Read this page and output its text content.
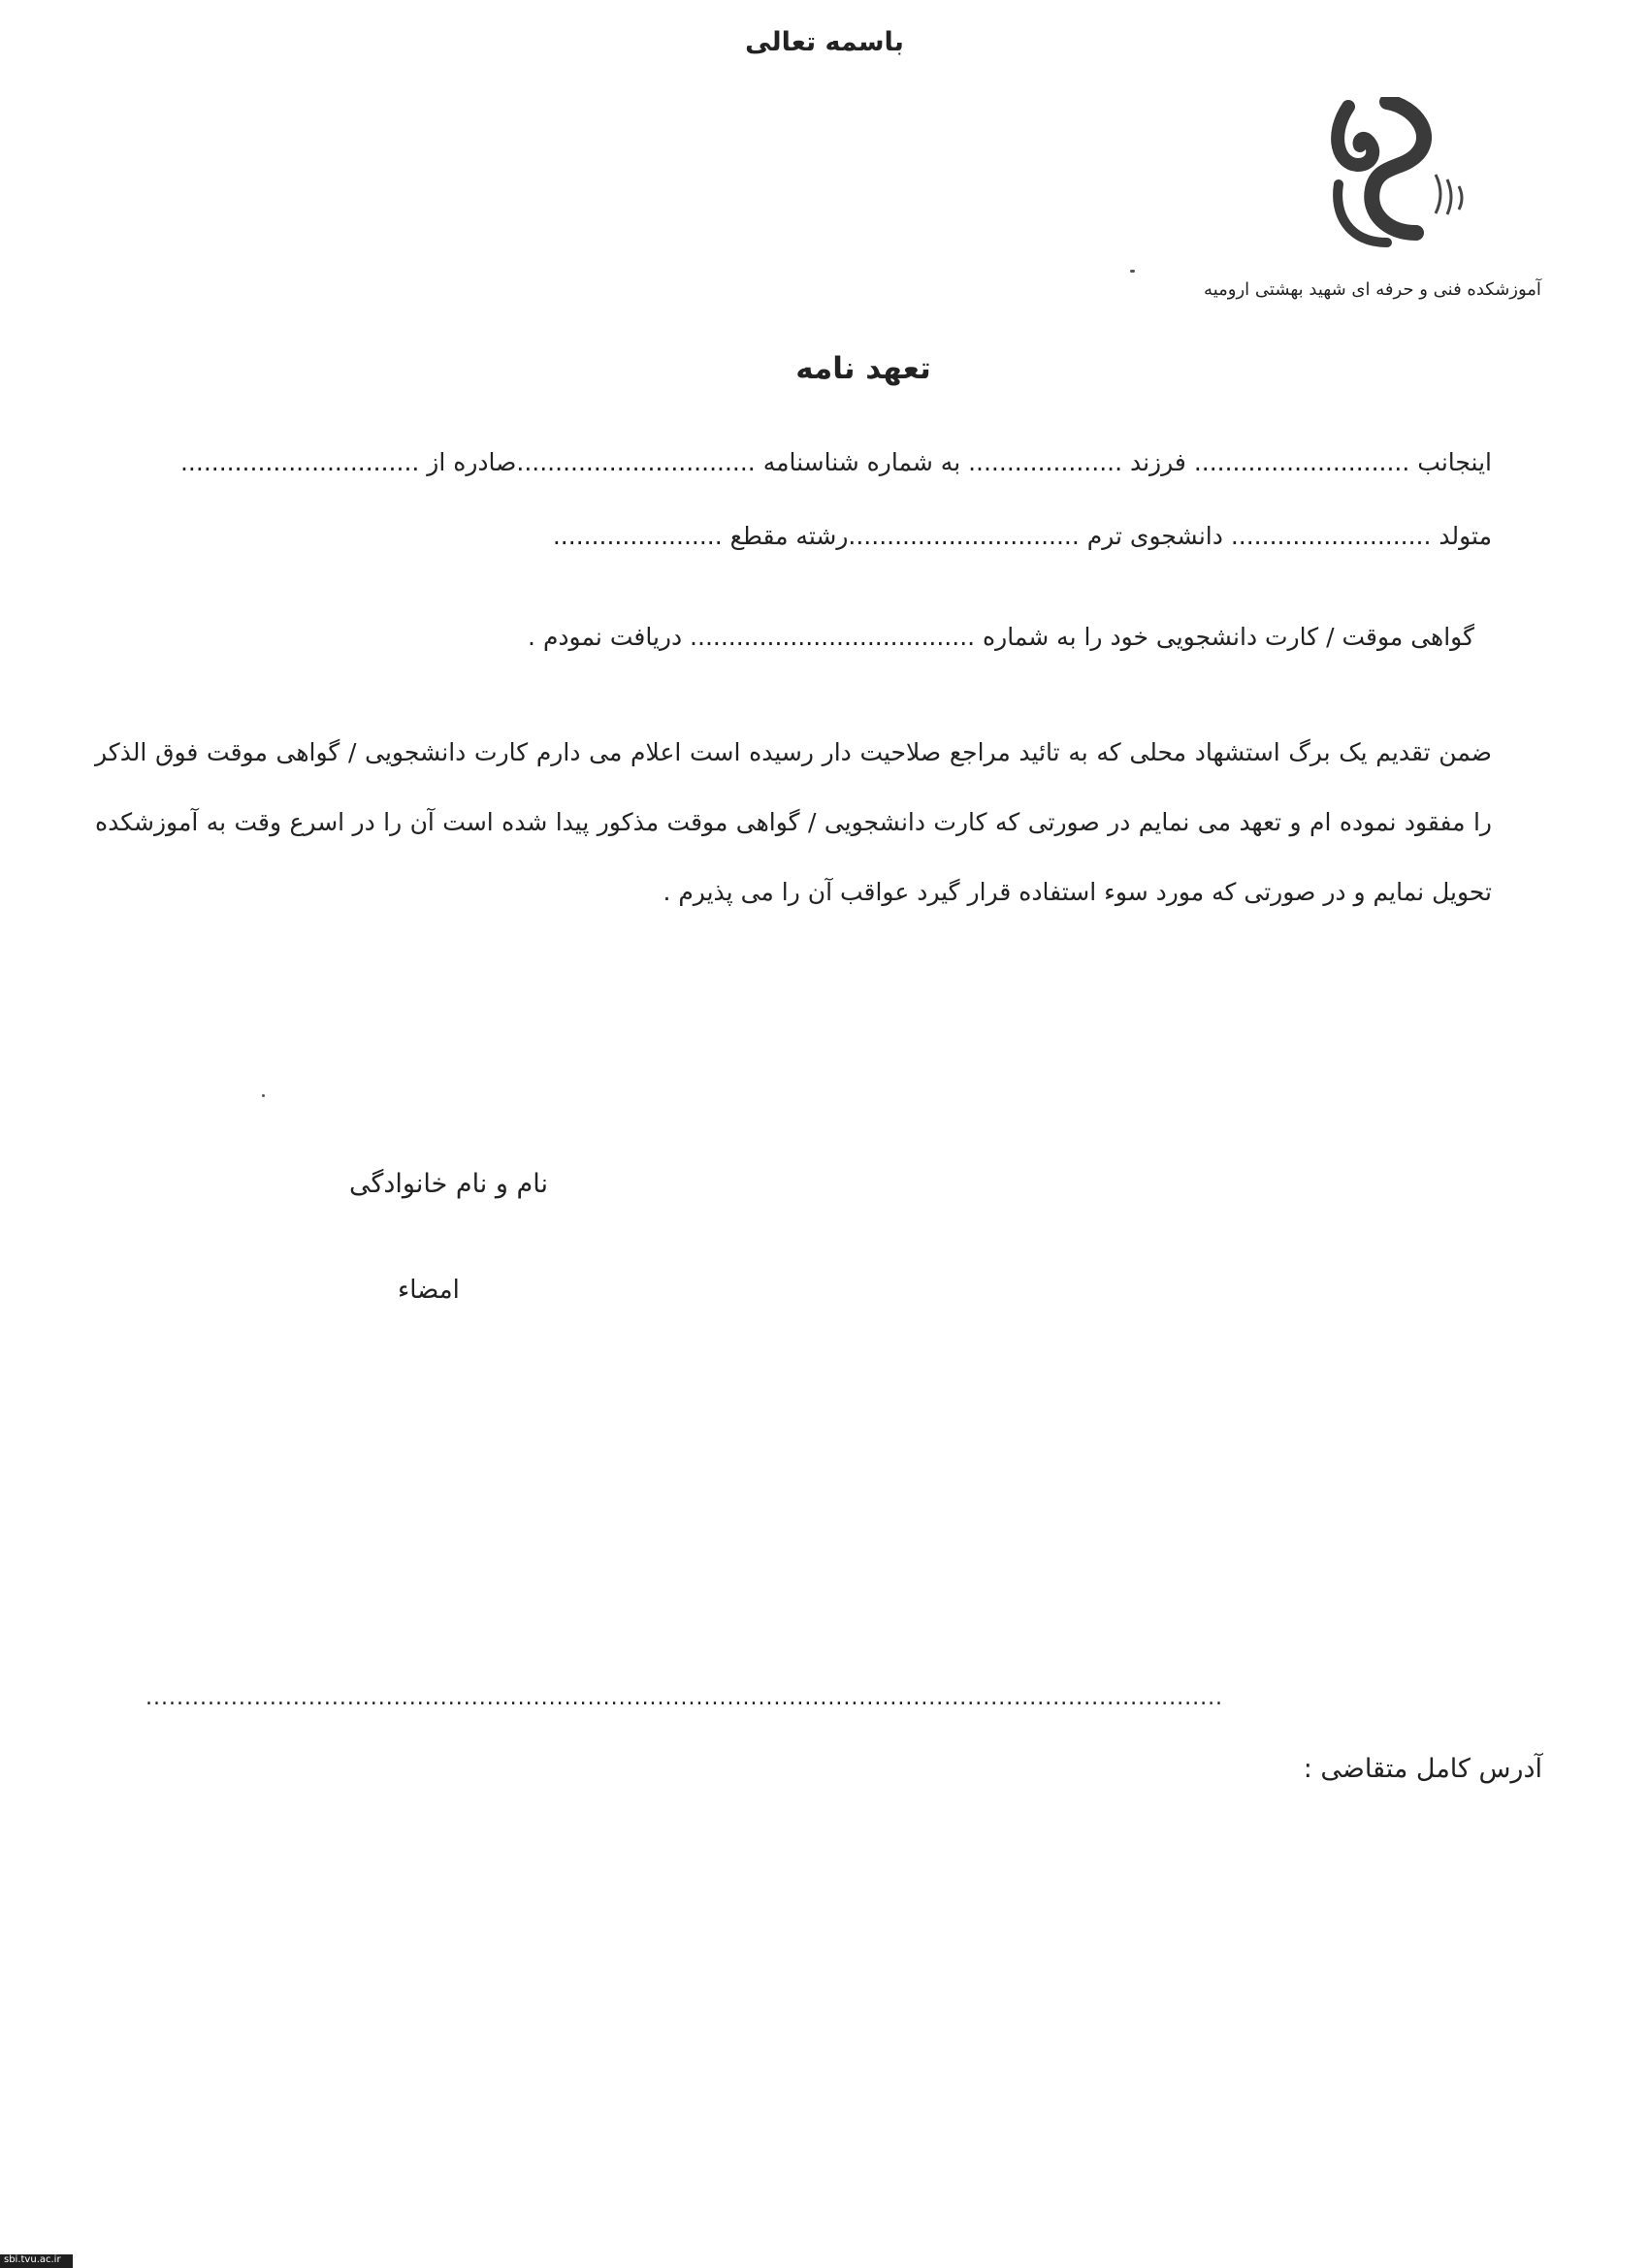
باسمه تعالی
آموزشکده فنی و حرفه ای شهید بهشتی ارومیه
تعهد نامه
اینجانب ............................ فرزند .................... به شماره شناسنامه ...............................صادره از ...............................
متولد .......................... دانشجوی ترم ..............................رشته مقطع ......................
گواهی موقت / کارت دانشجویی خود را به شماره ..................................... دریافت نمودم .
ضمن تقدیم یک برگ استشهاد محلی که به تائید مراجع صلاحیت دار رسیده است اعلام می دارم کارت دانشجویی / گواهی موقت فوق الذکر را مفقود نموده ام و تعهد می نمایم در صورتی که کارت دانشجویی / گواهی موقت مذکور پیدا شده است آن را در اسرع وقت به آموزشکده تحویل نمایم و در صورتی که مورد سوء استفاده قرار گیرد عواقب آن را می پذیرم .
نام و نام خانوادگی
امضاء
...........................................................................................................................................
آدرس کامل متقاضی :
sbi.tvu.ac.ir
